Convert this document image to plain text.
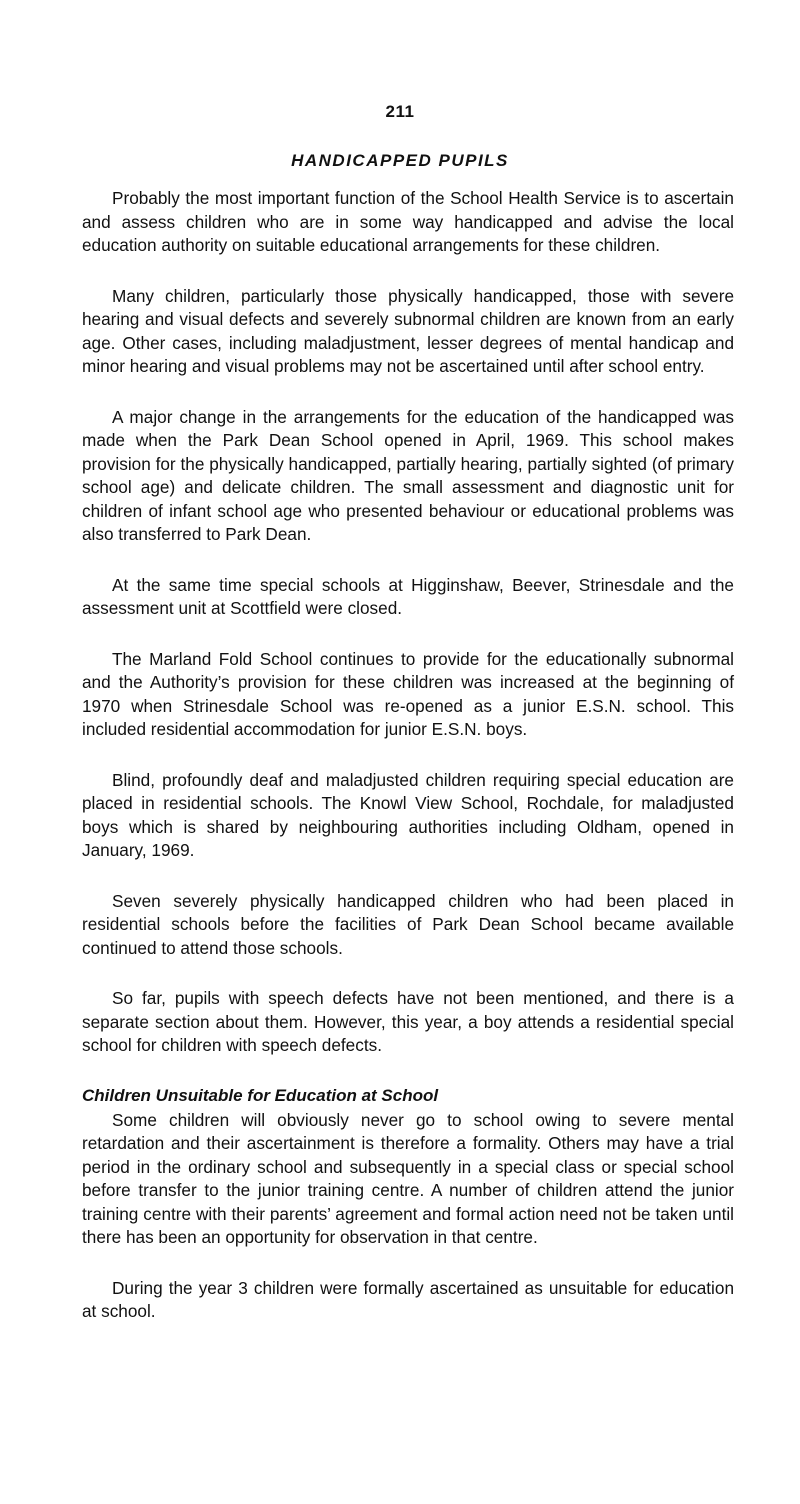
211
HANDICAPPED PUPILS

Probably the most important function of the School Health Service is to ascertain and assess children who are in some way handicapped and advise the local education authority on suitable educational arrangements for these children.

Many children, particularly those physically handicapped, those with severe hearing and visual defects and severely subnormal children are known from an early age. Other cases, including maladjustment, lesser degrees of mental handicap and minor hearing and visual problems may not be ascertained until after school entry.

A major change in the arrangements for the education of the handicapped was made when the Park Dean School opened in April, 1969. This school makes provision for the physically handicapped, partially hearing, partially sighted (of primary school age) and delicate children. The small assessment and diagnostic unit for children of infant school age who presented behaviour or educational problems was also transferred to Park Dean.

At the same time special schools at Higginshaw, Beever, Strinesdale and the assessment unit at Scottfield were closed.

The Marland Fold School continues to provide for the educationally subnormal and the Authority’s provision for these children was increased at the beginning of 1970 when Strinesdale School was re-opened as a junior E.S.N. school. This included residential accommodation for junior E.S.N. boys.

Blind, profoundly deaf and maladjusted children requiring special education are placed in residential schools. The Knowl View School, Rochdale, for maladjusted boys which is shared by neighbouring authorities including Oldham, opened in January, 1969.

Seven severely physically handicapped children who had been placed in residential schools before the facilities of Park Dean School became available continued to attend those schools.

So far, pupils with speech defects have not been mentioned, and there is a separate section about them. However, this year, a boy attends a residential special school for children with speech defects.

Children Unsuitable for Education at School

Some children will obviously never go to school owing to severe mental retardation and their ascertainment is therefore a formality. Others may have a trial period in the ordinary school and subsequently in a special class or special school before transfer to the junior training centre. A number of children attend the junior training centre with their parents’ agreement and formal action need not be taken until there has been an opportunity for observation in that centre.

During the year 3 children were formally ascertained as unsuitable for education at school.
